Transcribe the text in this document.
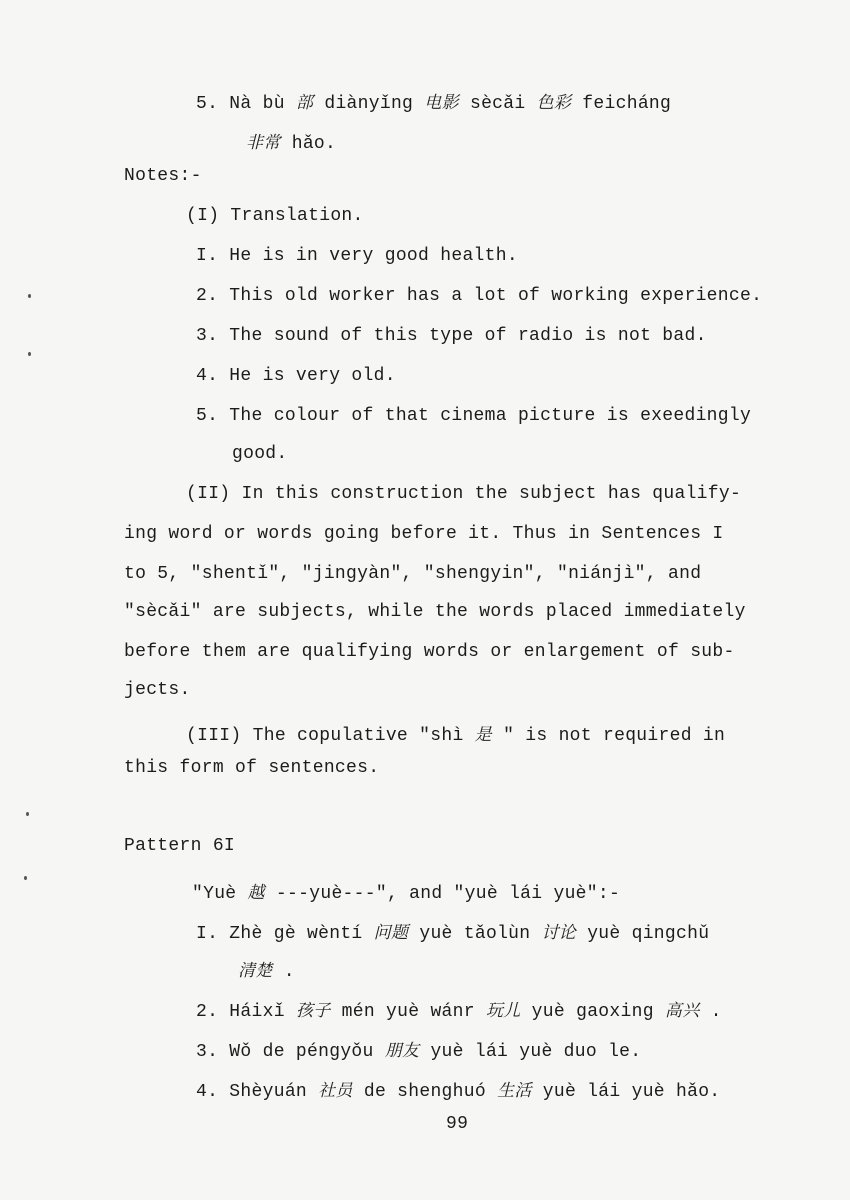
5. Nà bù 部 diànyǐng 电影 sècǎi 色彩 feicháng
非常 hǎo.
Notes:-
(I) Translation.
I. He is in very good health.
2. This old worker has a lot of working experience.
3. The sound of this type of radio is not bad.
4. He is very old.
5. The colour of that cinema picture is exeedingly
good.
(II) In this construction the subject has qualify-
ing word or words going before it. Thus in Sentences I
to 5, "shentǐ", "jingyàn", "shengyin", "niánjì", and
"sècǎi" are subjects, while the words placed immediately
before them are qualifying words or enlargement of sub-
jects.
(III) The copulative "shì 是 " is not required in
this form of sentences.
Pattern 6I
"Yuè 越 ---yuè---", and "yuè lái yuè":-
I. Zhè gè wèntí 问题 yuè tǎolùn 讨论 yuè qingchǔ
清楚 .
2. Háixǐ 孩子 mén yuè wánr 玩儿 yuè gaoxing 高兴 .
3. Wǒ de péngyǒu 朋友 yuè lái yuè duo le.
4. Shèyuán 社员 de shenghuó 生活 yuè lái yuè hǎo.
99
